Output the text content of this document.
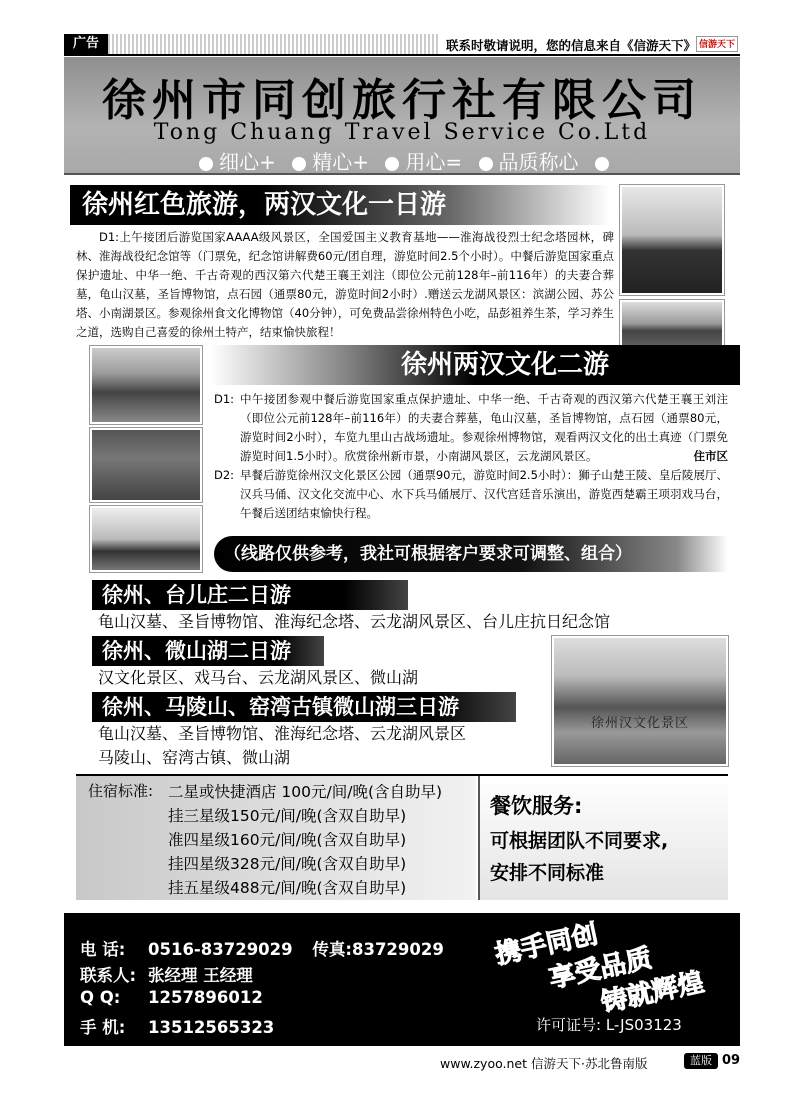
广告	联系时敬请说明，您的信息来自《信游天下》 信游天下
徐州市同创旅行社有限公司
Tong Chuang Travel Service Co.Ltd
细心+ 精心+ 用心= 品质称心
徐州红色旅游，两汉文化一日游
D1:上午接团后游览国家AAAA级风景区，全国爱国主义教育基地——淮海战役烈士纪念塔园林，碑林、淮海战役纪念馆等（门票免，纪念馆讲解费60元/团自理，游览时间2.5个小时）。中餐后游览国家重点保护遗址、中华一绝、千古奇观的西汉第六代楚王襄王刘注（即位公元前128年–前116年）的夫妻合葬墓，龟山汉墓，圣旨博物馆，点石园（通票80元，游览时间2小时）.赠送云龙湖风景区：滨湖公园、苏公塔、小南湖景区。参观徐州食文化博物馆（40分钟），可免费品尝徐州特色小吃，品彭祖养生茶，学习养生之道，选购自己喜爱的徐州土特产，结束愉快旅程！
徐州两汉文化二游
D1: 中午接团参观中餐后游览国家重点保护遗址、中华一绝、千古奇观的西汉第六代楚王襄王刘注（即位公元前128年–前116年）的夫妻合葬墓，龟山汉墓，圣旨博物馆，点石园（通票80元，游览时间2小时），车览九里山古战场遗址。参观徐州博物馆，观看两汉文化的出土真迹（门票免游览时间1.5小时）。欣赏徐州新市景，小南湖风景区，云龙湖风景区。	住市区
D2: 早餐后游览徐州汉文化景区公园（通票90元，游览时间2.5小时）：狮子山楚王陵、皇后陵展厅、汉兵马俑、汉文化交流中心、水下兵马俑展厅、汉代宫廷音乐演出，游览西楚霸王项羽戏马台，午餐后送团结束愉快行程。
（线路仅供参考，我社可根据客户要求可调整、组合）
徐州、台儿庄二日游
龟山汉墓、圣旨博物馆、淮海纪念塔、云龙湖风景区、台儿庄抗日纪念馆
徐州、微山湖二日游
汉文化景区、戏马台、云龙湖风景区、微山湖
徐州、马陵山、窑湾古镇微山湖三日游
龟山汉墓、圣旨博物馆、淮海纪念塔、云龙湖风景区
马陵山、窑湾古镇、微山湖
徐州汉文化景区
住宿标准: 二星或快捷酒店 100元/间/晚(含自助早)
挂三星级150元/间/晚(含双自助早)
准四星级160元/间/晚(含双自助早)
挂四星级328元/间/晚(含双自助早)
挂五星级488元/间/晚(含双自助早)
餐饮服务:
可根据团队不同要求,
安排不同标准
电 话: 0516-83729029 传真:83729029
联系人: 张经理 王经理
Q Q: 1257896012
手 机: 13512565323
携手同创
享受品质
铸就辉煌
许可证号: L-JS03123
www.zyoo.net 信游天下·苏北鲁南版	蓝版 09
